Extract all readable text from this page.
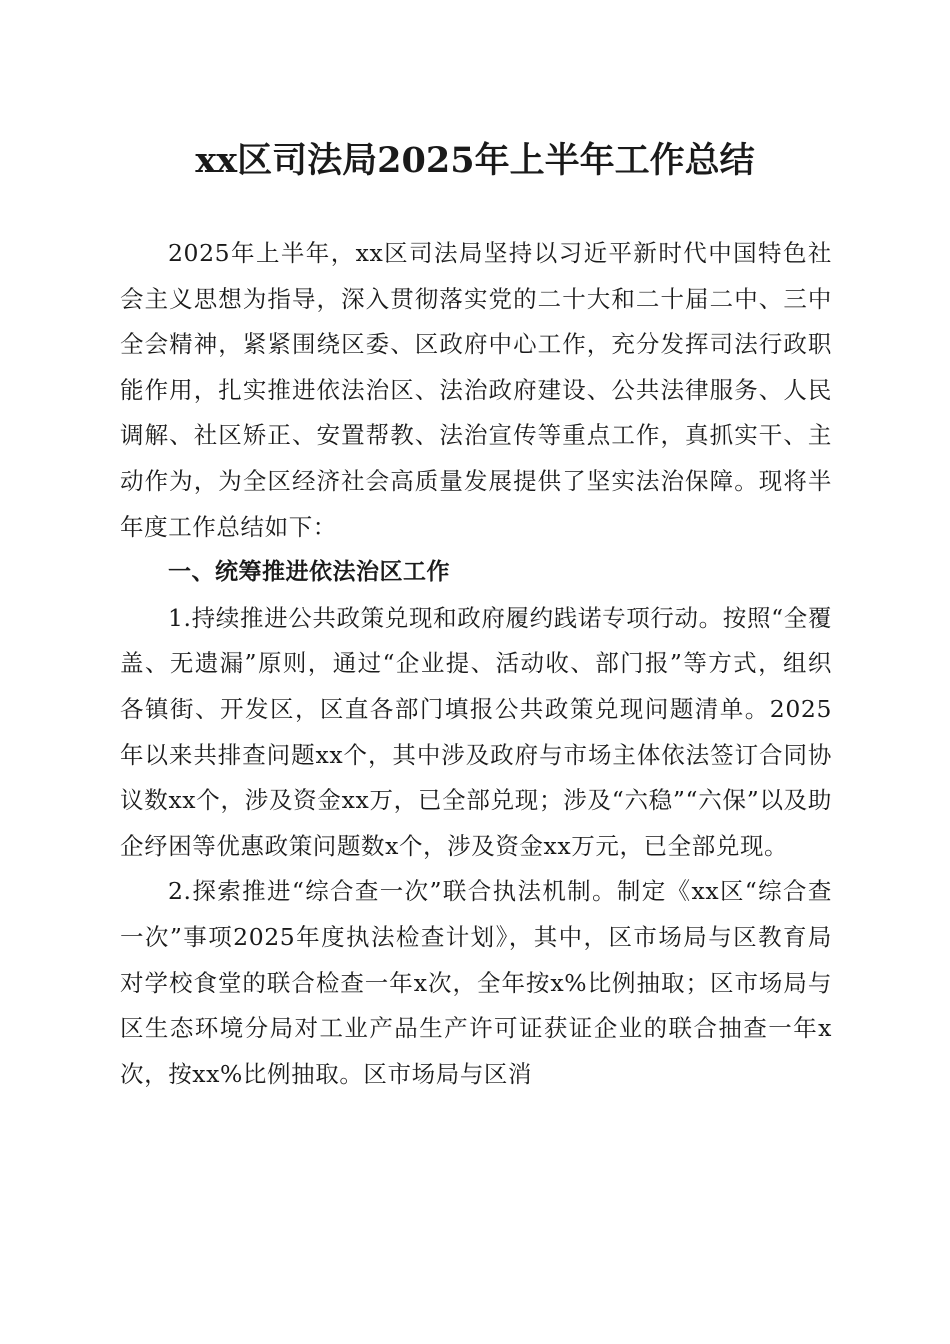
xx区司法局2025年上半年工作总结

2025年上半年，xx区司法局坚持以习近平新时代中国特色社会主义思想为指导，深入贯彻落实党的二十大和二十届二中、三中全会精神，紧紧围绕区委、区政府中心工作，充分发挥司法行政职能作用，扎实推进依法治区、法治政府建设、公共法律服务、人民调解、社区矫正、安置帮教、法治宣传等重点工作，真抓实干、主动作为，为全区经济社会高质量发展提供了坚实法治保障。现将半年度工作总结如下：

一、统筹推进依法治区工作

1.持续推进公共政策兑现和政府履约践诺专项行动。按照“全覆盖、无遗漏”原则，通过“企业提、活动收、部门报”等方式，组织各镇街、开发区，区直各部门填报公共政策兑现问题清单。2025年以来共排查问题xx个，其中涉及政府与市场主体依法签订合同协议数xx个，涉及资金xx万，已全部兑现；涉及“六稳”“六保”以及助企纾困等优惠政策问题数x个，涉及资金xx万元，已全部兑现。

2.探索推进“综合查一次”联合执法机制。制定《xx区“综合查一次”事项2025年度执法检查计划》，其中，区市场局与区教育局对学校食堂的联合检查一年x次，全年按x%比例抽取；区市场局与区生态环境分局对工业产品生产许可证获证企业的联合抽查一年x次，按xx%比例抽取。区市场局与区消
